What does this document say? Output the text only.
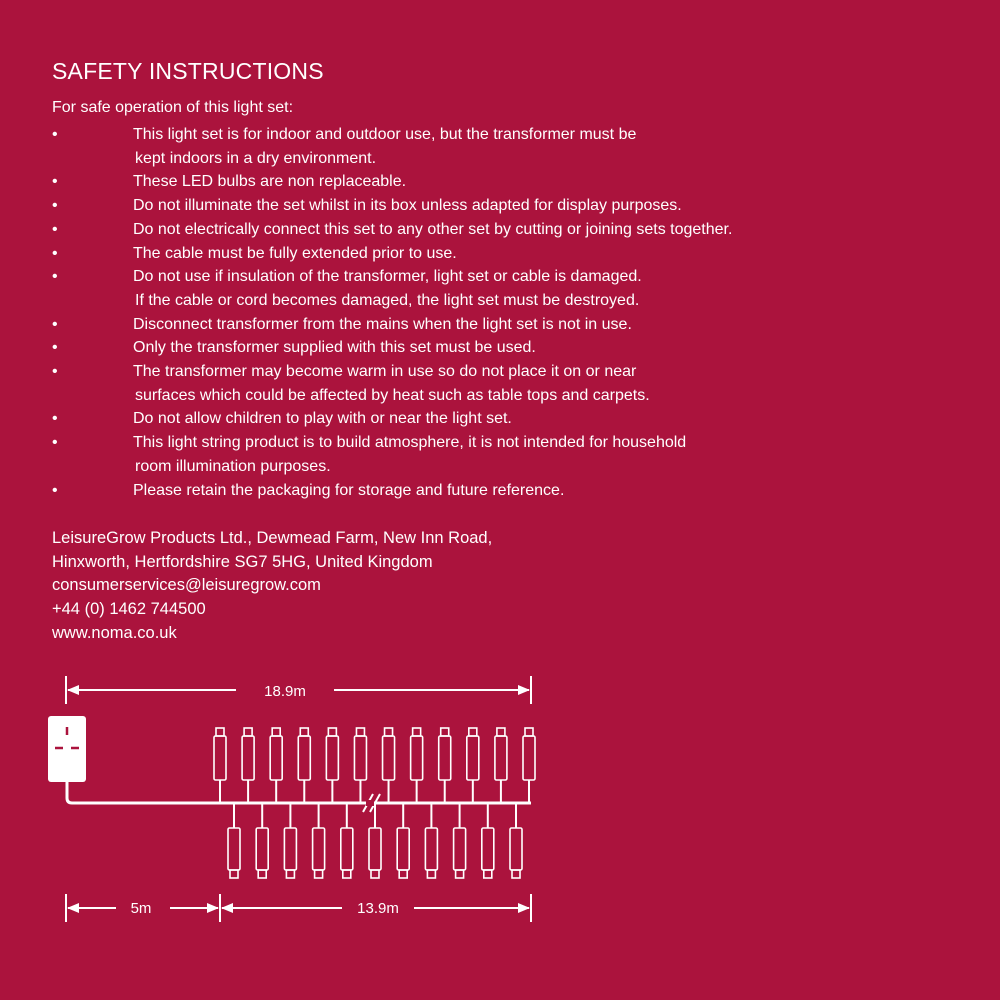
SAFETY INSTRUCTIONS
For safe operation of this light set:
•	This light set is for indoor and outdoor use, but the transformer must be
kept indoors in a dry environment.
•	These LED bulbs are non replaceable.
•	Do not illuminate the set whilst in its box unless adapted for display purposes.
•	Do not electrically connect this set to any other set by cutting or joining sets together.
•	The cable must be fully extended prior to use.
•	Do not use if insulation of the transformer, light set or cable is damaged.
If the cable or cord becomes damaged, the light set must be destroyed.
•	Disconnect transformer from the mains when the light set is not in use.
•	Only the transformer supplied with this set must be used.
•	The transformer may become warm in use so do not place it on or near
surfaces which could be affected by heat such as table tops and carpets.
•	Do not allow children to play with or near the light set.
•	This light string product is to build atmosphere, it is not intended for household
room illumination purposes.
•	Please retain the packaging for storage and future reference.
LeisureGrow Products Ltd., Dewmead Farm, New Inn Road,
Hinxworth, Hertfordshire SG7 5HG, United Kingdom
consumerservices@leisuregrow.com
+44 (0) 1462 744500
www.noma.co.uk
18.9m
5m	13.9m
